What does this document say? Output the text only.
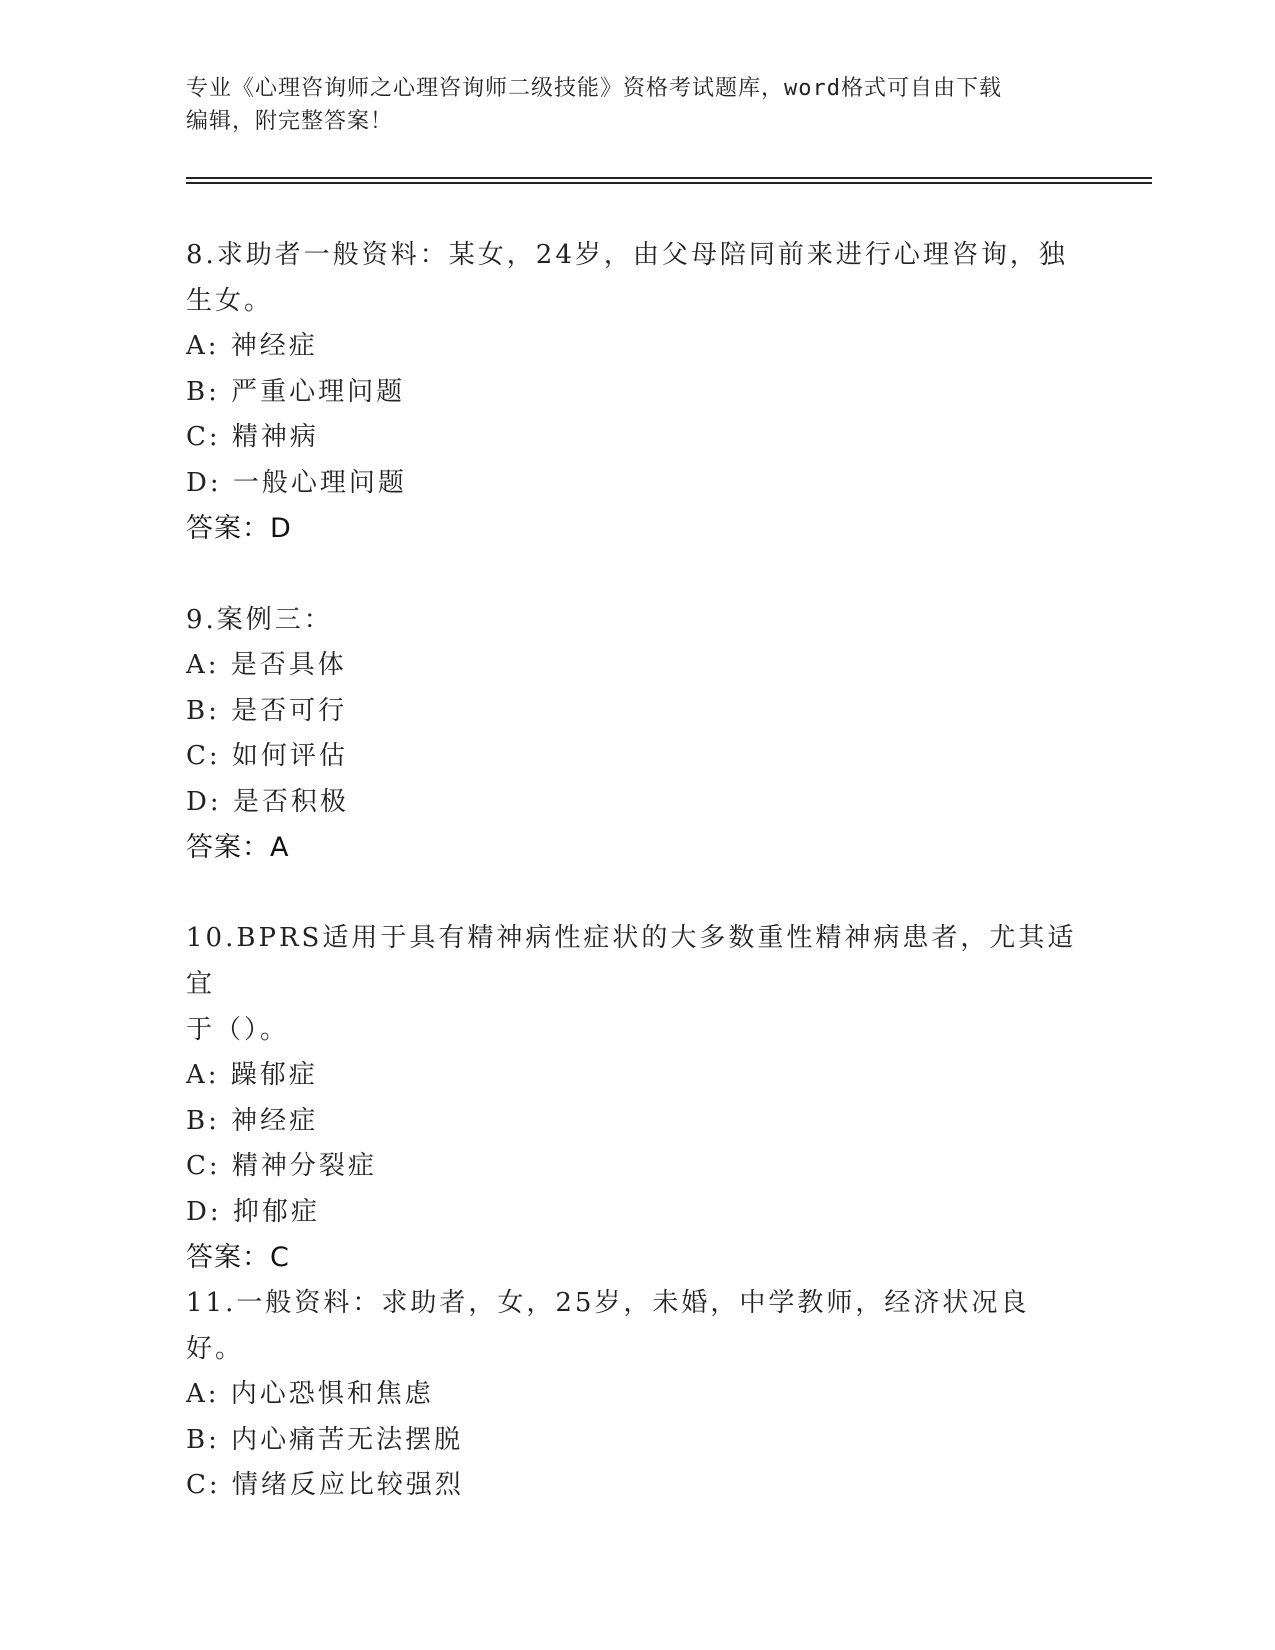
专业《心理咨询师之心理咨询师二级技能》资格考试题库，word格式可自由下载
编辑，附完整答案！
8.求助者一般资料：某女，24岁，由父母陪同前来进行心理咨询，独
生女。
A: 神经症
B: 严重心理问题
C: 精神病
D: 一般心理问题
答案：D
9.案例三：
A: 是否具体
B: 是否可行
C: 如何评估
D: 是否积极
答案：A
10.BPRS适用于具有精神病性症状的大多数重性精神病患者，尤其适宜
于（）。
A: 躁郁症
B: 神经症
C: 精神分裂症
D: 抑郁症
答案：C
11.一般资料：求助者，女，25岁，未婚，中学教师，经济状况良好。
A: 内心恐惧和焦虑
B: 内心痛苦无法摆脱
C: 情绪反应比较强烈
